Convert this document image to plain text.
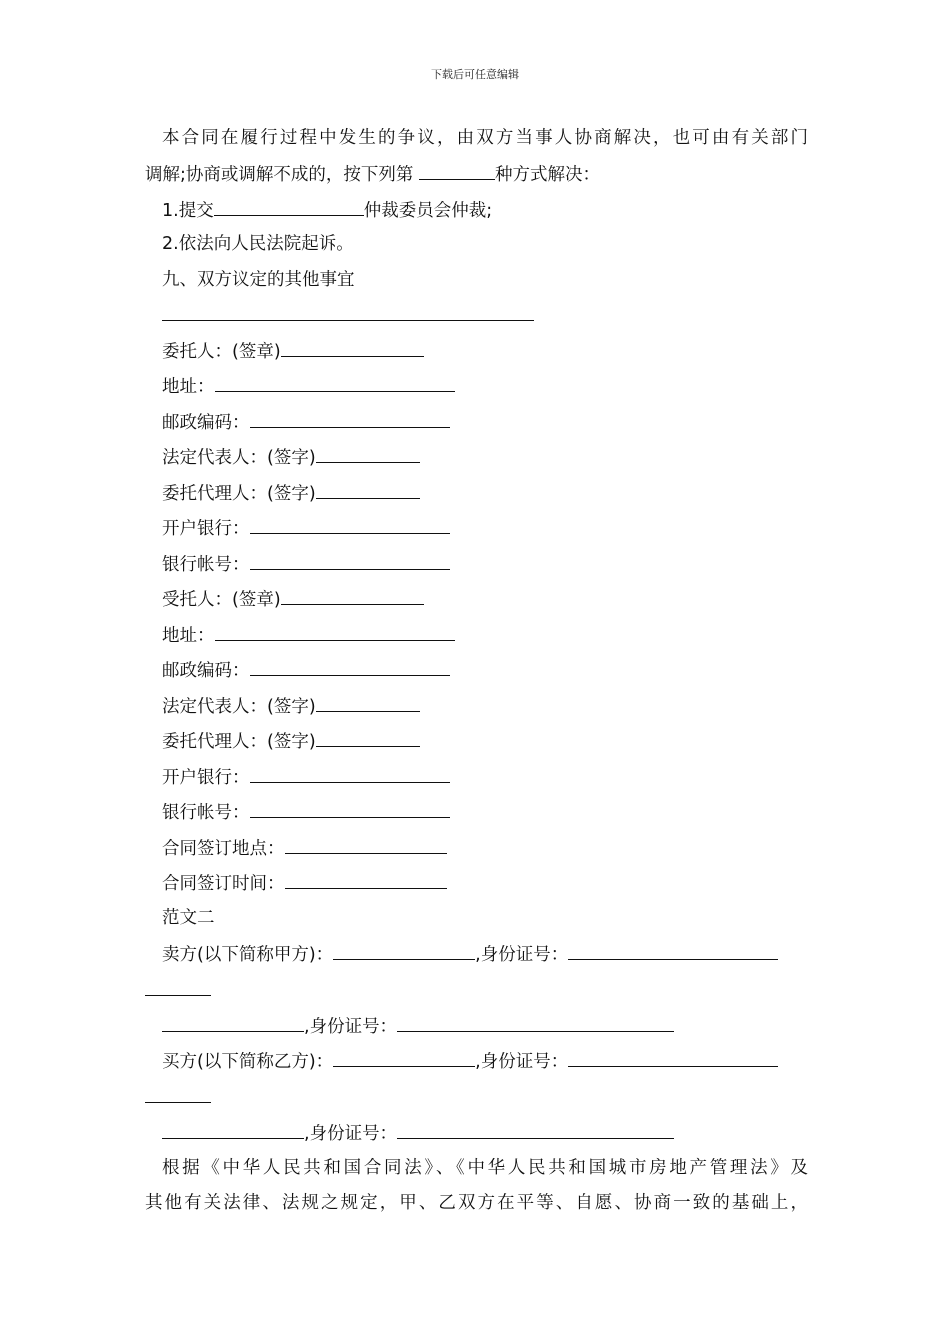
下载后可任意编辑
本合同在履行过程中发生的争议，由双方当事人协商解决，也可由有关部门
调解;协商或调解不成的，按下列第	种方式解决：
1.提交	仲裁委员会仲裁;
2.依法向人民法院起诉。
九、双方议定的其他事宜
委托人：(签章)
地址：
邮政编码：
法定代表人：(签字)
委托代理人：(签字)
开户银行：
银行帐号：
受托人：(签章)
地址：
邮政编码：
法定代表人：(签字)
委托代理人：(签字)
开户银行：
银行帐号：
合同签订地点：
合同签订时间：
范文二
卖方(以下简称甲方)：	,身份证号：
,身份证号：
买方(以下简称乙方)：	,身份证号：
,身份证号：
根据《中华人民共和国合同法》、《中华人民共和国城市房地产管理法》及
其他有关法律、法规之规定，甲、乙双方在平等、自愿、协商一致的基础上，
